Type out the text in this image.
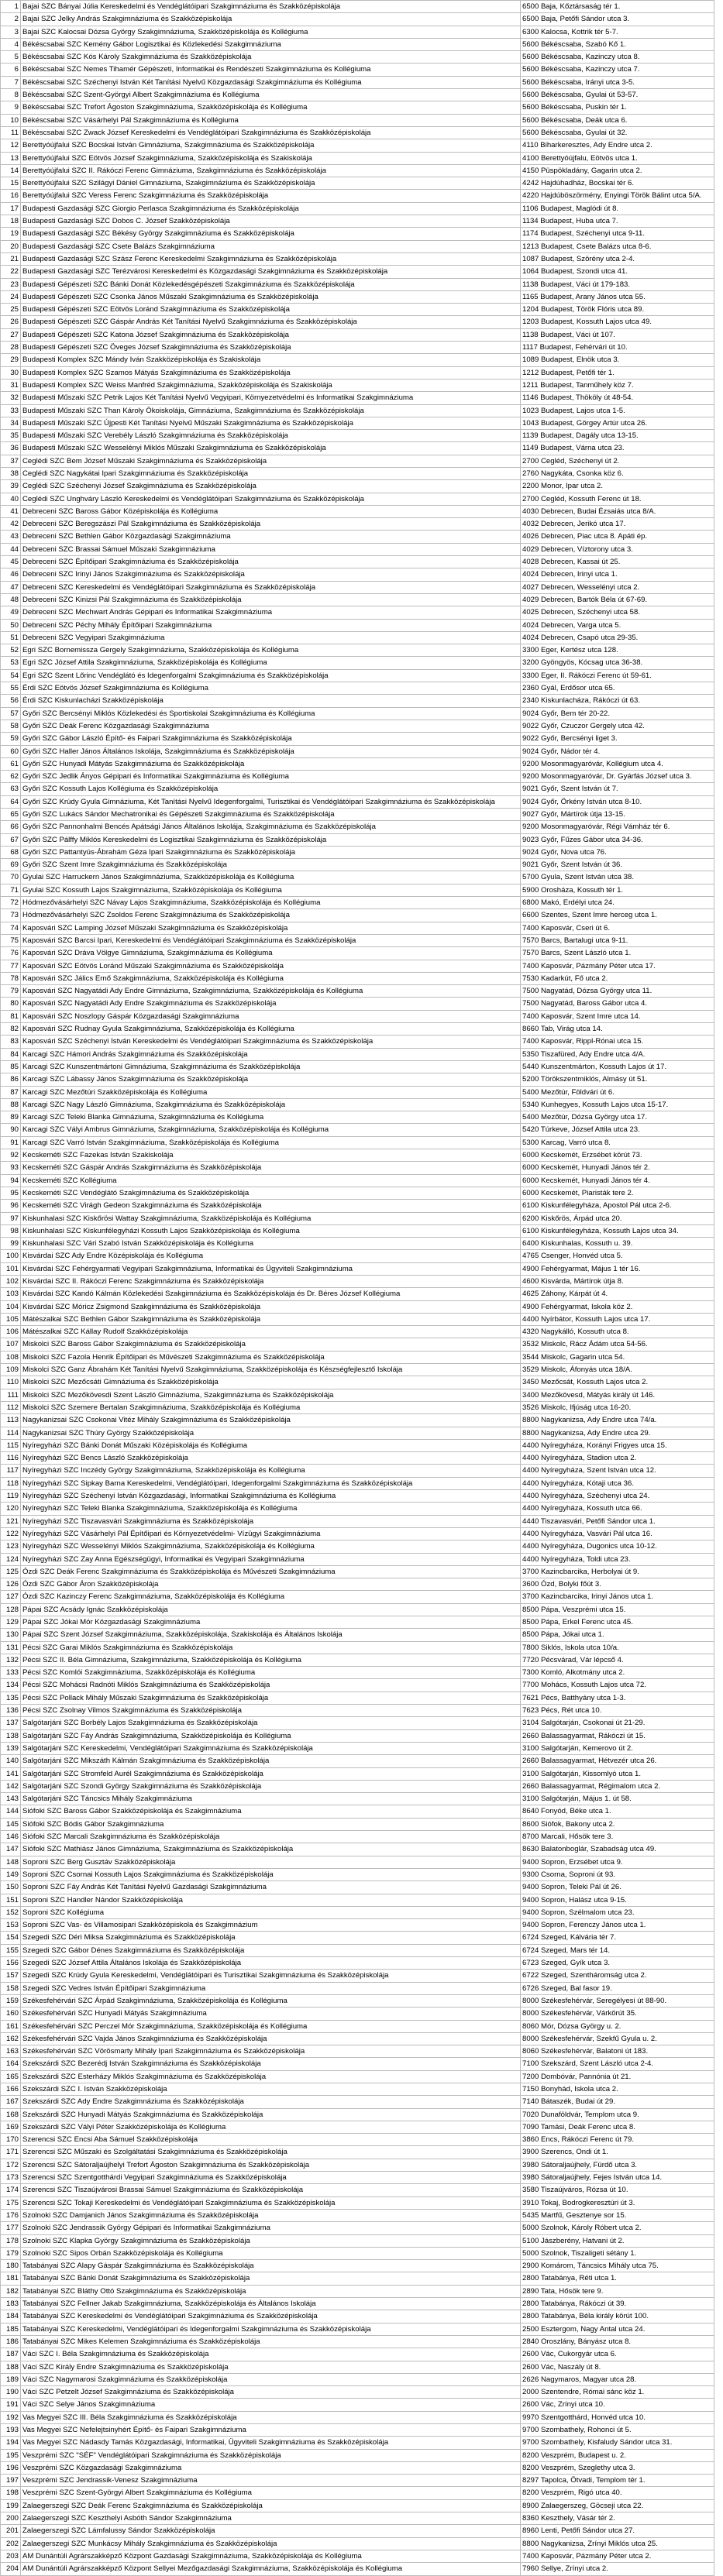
1	Bajai SZC Bányai Júlia Kereskedelmi és Vendéglátóipari Szakgimnáziuma és Szakközépiskolája	6500 Baja, Kőztársaság tér 1.
2	Bajai SZC Jelky András Szakgimnáziuma és Szakközépiskolája	6500 Baja, Petőfi Sándor utca 3.
3	Bajai SZC Kalocsai Dózsa György Szakgimnáziuma, Szakközépiskolája és Kollégiuma	6300 Kalocsa, Kottrik tér 5-7.
4	Békéscsabai SZC Kemény Gábor Logisztikai és Közlekedési Szakgimnáziuma	5600 Békéscsaba, Szabó Kő 1.
5	Békéscsabai SZC Kós Károly Szakgimnáziuma és Szakközépiskolája	5600 Békéscsaba, Kazinczy utca 8.
6	Békéscsabai SZC Nemes Tihamér Gépészeti, Informatikai és Rendészeti Szakgimnáziuma és Kollégiuma	5600 Békéscsaba, Kazinczy utca 7.
7	Békéscsabai SZC Széchenyi István Két Tanítási Nyelvű Közgazdasági Szakgimnáziuma és Kollégiuma	5600 Békéscsaba, Irányi utca 3-5.
8	Békéscsabai SZC Szent-Györgyi Albert Szakgimnáziuma és Kollégiuma	5600 Békéscsaba, Gyulai út 53-57.
9	Békéscsabai SZC Trefort Ágoston Szakgimnáziuma, Szakközépiskolája és Kollégiuma	5600 Békéscsaba, Puskin tér 1.
10	Békéscsabai SZC Vásárhelyi Pál Szakgimnáziuma és Kollégiuma	5600 Békéscsaba, Deák utca 6.
11	Békéscsabai SZC Zwack József Kereskedelmi és Vendéglátóipari Szakgimnáziuma és Szakközépiskolája	5600 Békéscsaba, Gyulai út 32.
12	Berettyóújfalui SZC Bocskai István Gimnáziuma, Szakgimnáziuma és Szakközépiskolája	4110 Biharkeresztes, Ady Endre utca 2.
13	Berettyóújfalui SZC Eötvös József Szakgimnáziuma, Szakközépiskolája és Szakiskolája	4100 Berettyóújfalu, Eötvös utca 1.
14	Berettyóújfalui SZC II. Rákóczi Ferenc Gimnáziuma, Szakgimnáziuma és Szakközépiskolája	4150 Püspökladány, Gagarin utca 2.
15	Berettyóújfalui SZC Szilágyi Dániel Gimnáziuma, Szakgimnáziuma és Szakközépiskolája	4242 Hajdúhadház, Bocskai tér 6.
16	Berettyóújfalui SZC Veress Ferenc Szakgimnáziuma és Szakközépiskolája	4220 Hajdúböszörmény, Enyingi Török Bálint utca 5/A.
17	Budapesti Gazdasági SZC Giorgio Perlasca Szakgimnáziuma és Szakközépiskolája	1106 Budapest, Maglódi út 8.
18	Budapesti Gazdasági SZC Dobos C. József Szakközépiskolája	1134 Budapest, Huba utca 7.
19	Budapesti Gazdasági SZC Békésy György Szakgimnáziuma és Szakközépiskolája	1174 Budapest, Széchenyi utca 9-11.
20	Budapesti Gazdasági SZC Csete Balázs Szakgimnáziuma	1213 Budapest, Csete Balázs utca 8-6.
21	Budapesti Gazdasági SZC Szász Ferenc Kereskedelmi Szakgimnáziuma és Szakközépiskolája	1087 Budapest, Szörény utca 2-4.
22	Budapesti Gazdasági SZC Terézvárosi Kereskedelmi és Közgazdasági Szakgimnáziuma és Szakközépiskolája	1064 Budapest, Szondi utca 41.
23	Budapesti Gépészeti SZC Bánki Donát Közlekedésgépészeti Szakgimnáziuma és Szakközépiskolája	1138 Budapest, Váci út 179-183.
24	Budapesti Gépészeti SZC Csonka János Műszaki Szakgimnáziuma és Szakközépiskolája	1165 Budapest, Arany János utca 55.
25	Budapesti Gépészeti SZC Eötvös Loránd Szakgimnáziuma és Szakközépiskolája	1204 Budapest, Török Flóris utca 89.
26	Budapesti Gépészeti SZC Gáspár András Két Tanítási Nyelvű Szakgimnáziuma és Szakközépiskolája	1203 Budapest, Kossuth Lajos utca 49.
27	Budapesti Gépészeti SZC Katona József Szakgimnáziuma és Szakközépiskolája	1138 Budapest, Váci út 107.
28	Budapesti Gépészeti SZC Öveges József Szakgimnáziuma és Szakközépiskolája	1117 Budapest, Fehérvári út 10.
29	Budapesti Komplex SZC Mándy Iván Szakközépiskolája és Szakiskolája	1089 Budapest, Elnök utca 3.
30	Budapesti Komplex SZC Szamos Mátyás Szakgimnáziuma és Szakközépiskolája	1212 Budapest, Petőfi tér 1.
31	Budapesti Komplex SZC Weiss Manfréd Szakgimnáziuma, Szakközépiskolája és Szakiskolája	1211 Budapest, Tanműhely köz 7.
32	Budapesti Műszaki SZC Petrik Lajos Két Tanítási Nyelvű Vegyipari, Környezetvédelmi és Informatikai Szakgimnáziuma	1146 Budapest, Thököly út 48-54.
33	Budapesti Műszaki SZC Than Károly Ökoiskolája, Gimnáziuma, Szakgimnáziuma és Szakközépiskolája	1023 Budapest, Lajos utca 1-5.
34	Budapesti Műszaki SZC Újpesti Két Tanítási Nyelvű Műszaki Szakgimnáziuma és Szakközépiskolája	1043 Budapest, Görgey Artúr utca 26.
35	Budapesti Műszaki SZC Verebély László Szakgimnáziuma és Szakközépiskolája	1139 Budapest, Dagály utca 13-15.
36	Budapesti Műszaki SZC Wesselényi Miklós Műszaki Szakgimnáziuma és Szakközépiskolája	1149 Budapest, Várna utca 23.
37	Ceglédi SZC Bem József Műszaki Szakgimnáziuma és Szakközépiskolája	2700 Cegléd, Széchenyi út 2.
38	Ceglédi SZC Nagykátai Ipari Szakgimnáziuma és Szakközépiskolája	2760 Nagykáta, Csonka köz 6.
39	Ceglédi SZC Széchenyi József Szakgimnáziuma és Szakközépiskolája	2200 Monor, Ipar utca 2.
40	Ceglédi SZC Unghváry László Kereskedelmi és Vendéglátóipari Szakgimnáziuma és Szakközépiskolája	2700 Cegléd, Kossuth Ferenc út 18.
41	Debreceni SZC Baross Gábor Középiskolája és Kollégiuma	4030 Debrecen, Budai Ézsaiás utca 8/A.
42	Debreceni SZC Beregszászi Pál Szakgimnáziuma és Szakközépiskolája	4032 Debrecen, Jerikó utca 17.
43	Debreceni SZC Bethlen Gábor Közgazdasági Szakgimnáziuma	4026 Debrecen, Piac utca 8. Apáti ép.
44	Debreceni SZC Brassai Sámuel Műszaki Szakgimnáziuma	4029 Debrecen, Víztorony utca 3.
45	Debreceni SZC Építőipari Szakgimnáziuma és Szakközépiskolája	4028 Debrecen, Kassai út 25.
46	Debreceni SZC Irinyi János Szakgimnáziuma és Szakközépiskolája	4024 Debrecen, Irinyi utca 1.
47	Debreceni SZC Kereskedelmi és Vendéglátóipari Szakgimnáziuma és Szakközépiskolája	4027 Debrecen, Wesselényi utca 2.
48	Debreceni SZC Kinizsi Pál Szakgimnáziuma és Szakközépiskolája	4029 Debrecen, Bartók Béla út 67-69.
49	Debreceni SZC Mechwart András Gépipari és Informatikai Szakgimnáziuma	4025 Debrecen, Széchenyi utca 58.
50	Debreceni SZC Péchy Mihály Építőipari Szakgimnáziuma	4024 Debrecen, Varga utca 5.
51	Debreceni SZC Vegyipari Szakgimnáziuma	4024 Debrecen, Csapó utca 29-35.
52	Egri SZC Bornemissza Gergely Szakgimnáziuma, Szakközépiskolája és Kollégiuma	3300 Eger, Kertész utca 128.
53	Egri SZC József Attila Szakgimnáziuma, Szakközépiskolája és Kollégiuma	3200 Gyöngyös, Kócsag utca 36-38.
54	Egri SZC Szent Lőrinc Vendéglátó és Idegenforgalmi Szakgimnáziuma és Szakközépiskolája	3300 Eger, II. Rákóczi Ferenc út 59-61.
55	Érdi SZC Eötvös József Szakgimnáziuma és Kollégiuma	2360 Gyál, Erdősor utca 65.
56	Érdi SZC Kiskunlacházi Szakközépiskolája	2340 Kiskunlacháza, Rákóczi út 63.
57	Győri SZC Bercsényi Miklós Közlekedési és Sportiskolai Szakgimnáziuma és Kollégiuma	9024 Győr, Bem tér 20-22.
58	Győri SZC Deák Ferenc Közgazdasági Szakgimnáziuma	9022 Győr, Czuczor Gergely utca 42.
59	Győri SZC Gábor László Építő- és Faipari Szakgimnáziuma és Szakközépiskolája	9022 Győr, Bercsényi liget 3.
60	Győri SZC Haller János Általános Iskolája, Szakgimnáziuma és Szakközépiskolája	9024 Győr, Nádor tér 4.
61	Győri SZC Hunyadi Mátyás Szakgimnáziuma és Szakközépiskolája	9200 Mosonmagyaróvár, Kollégium utca 4.
62	Győri SZC Jedlik Ányos Gépipari és Informatikai Szakgimnáziuma és Kollégiuma	9200 Mosonmagyaróvár, Dr. Gyárfás József utca 3.
63	Győri SZC Kossuth Lajos Kollégiuma és Szakközépiskolája	9021 Győr, Szent István út 7.
64	Győri SZC Krúdy Gyula Gimnáziuma, Két Tanítási Nyelvű Idegenforgalmi, Turisztikai és Vendéglátóipari Szakgimnáziuma és Szakközépiskolája	9024 Győr, Örkény István utca 8-10.
65	Győri SZC Lukács Sándor Mechatronikai és Gépészeti Szakgimnáziuma és Szakközépiskolája	9027 Győr, Mártírok útja 13-15.
66	Győri SZC Pannonhalmi Bencés Apátsági János Általános Iskolája, Szakgimnáziuma és Szakközépiskolája	9200 Mosonmagyaróvár, Régi Vámház tér 6.
67	Győri SZC Pálffy Miklós Kereskedelmi és Logisztikai Szakgimnáziuma és Szakközépiskolája	9023 Győr, Fűzes Gábor utca 34-36.
68	Győri SZC Pattantyús-Ábrahám Géza Ipari Szakgimnáziuma és Szakközépiskolája	9024 Győr, Nova utca 76.
69	Győri SZC Szent Imre Szakgimnáziuma és Szakközépiskolája	9021 Győr, Szent István út 36.
70	Gyulai SZC Harruckern János Szakgimnáziuma, Szakközépiskolája és Kollégiuma	5700 Gyula, Szent István utca 38.
71	Gyulai SZC Kossuth Lajos Szakgimnáziuma, Szakközépiskolája és Kollégiuma	5900 Orosháza, Kossuth tér 1.
72	Hódmezővásárhelyi SZC Návay Lajos Szakgimnáziuma, Szakközépiskolája és Kollégiuma	6800 Makó, Erdélyi utca 24.
73	Hódmezővásárhelyi SZC Zsoldos Ferenc Szakgimnáziuma és Szakközépiskolája	6600 Szentes, Szent Imre herceg utca 1.
74	Kaposvári SZC Lamping József Műszaki Szakgimnáziuma és Szakközépiskolája	7400 Kaposvár, Cseri út 6.
75	Kaposvári SZC Barcsi Ipari, Kereskedelmi és Vendéglátóipari Szakgimnáziuma és Szakközépiskolája	7570 Barcs, Bartalugi utca 9-11.
76	Kaposvári SZC Dráva Völgye Gimnáziuma, Szakgimnáziuma és Kollégiuma	7570 Barcs, Szent László utca 1.
77	Kaposvári SZC Eötvös Loránd Műszaki Szakgimnáziuma és Szakközépiskolája	7400 Kaposvár, Pázmány Péter utca 17.
78	Kaposvári SZC Jálics Ernő Szakgimnáziuma, Szakközépiskolája és Kollégiuma	7530 Kadarkút, Fő utca 2.
79	Kaposvári SZC Nagyatádi Ady Endre Gimnáziuma, Szakgimnáziuma, Szakközépiskolája és Kollégiuma	7500 Nagyatád, Dózsa György utca 11.
80	Kaposvári SZC Nagyatádi Ady Endre Szakgimnáziuma és Szakközépiskolája	7500 Nagyatád, Baross Gábor utca 4.
81	Kaposvári SZC Noszlopy Gáspár Közgazdasági Szakgimnáziuma	7400 Kaposvár, Szent Imre utca 14.
82	Kaposvári SZC Rudnay Gyula Szakgimnáziuma, Szakközépiskolája és Kollégiuma	8660 Tab, Virág utca 14.
83	Kaposvári SZC Széchenyi István Kereskedelmi és Vendéglátóipari Szakgimnáziuma és Szakközépiskolája	7400 Kaposvár, Rippl-Rónai utca 15.
84	Karcagi SZC Hámori András Szakgimnáziuma és Szakközépiskolája	5350 Tiszafüred, Ady Endre utca 4/A.
85	Karcagi SZC Kunszentmártoni Gimnáziuma, Szakgimnáziuma és Szakközépiskolája	5440 Kunszentmárton, Kossuth Lajos út 17.
86	Karcagi SZC Lábassy János Szakgimnáziuma és Szakközépiskolája	5200 Törökszentmiklós, Almásy út 51.
87	Karcagi SZC Mezőtúri Szakközépiskolája és Kollégiuma	5400 Mezőtúr, Földvári út 6.
88	Karcagi SZC Nagy László Gimnáziuma, Szakgimnáziuma és Szakközépiskolája	5340 Kunhegyes, Kossuth Lajos utca 15-17.
89	Karcagi SZC Teleki Blanka Gimnáziuma, Szakgimnáziuma és Kollégiuma	5400 Mezőtúr, Dózsa György utca 17.
90	Karcagi SZC Vályi Ambrus Gimnáziuma, Szakgimnáziuma, Szakközépiskolája és Kollégiuma	5420 Túrkeve, József Attila utca 23.
91	Karcagi SZC Varró István Szakgimnáziuma, Szakközépiskolája és Kollégiuma	5300 Karcag, Varró utca 8.
92	Kecskeméti SZC Fazekas István Szakiskolája	6000 Kecskemét, Erzsébet körút 73.
93	Kecskeméti SZC Gáspár András Szakgimnáziuma és Szakközépiskolája	6000 Kecskemét, Hunyadi János tér 2.
94	Kecskeméti SZC Kollégiuma	6000 Kecskemét, Hunyadi János tér 4.
95	Kecskeméti SZC Vendéglátó Szakgimnáziuma és Szakközépiskolája	6000 Kecskemét, Piaristák tere 2.
96	Kecskeméti SZC Virágh Gedeon Szakgimnáziuma és Szakközépiskolája	6100 Kiskunfélegyháza, Apostol Pál utca 2-6.
97	Kiskunhalasi SZC Kiskőrösi Wattay Szakgimnáziuma, Szakközépiskolája és Kollégiuma	6200 Kiskőrös, Árpád utca 20.
98	Kiskunhalasi SZC Kiskunfélegyházi Kossuth Lajos Szakközépiskolája és Kollégiuma	6100 Kiskunfélegyháza, Kossuth Lajos utca 34.
99	Kiskunhalasi SZC Vári Szabó István Szakközépiskolája és Kollégiuma	6400 Kiskunhalas, Kossuth u. 39.
100	Kisvárdai SZC Ady Endre Középiskolája és Kollégiuma	4765 Csenger, Honvéd utca 5.
101	Kisvárdai SZC Fehérgyarmati Vegyipari Szakgimnáziuma, Informatikai és Ügyviteli Szakgimnáziuma	4900 Fehérgyarmat, Május 1 tér 16.
102	Kisvárdai SZC II. Rákóczi Ferenc Szakgimnáziuma és Szakközépiskolája	4600 Kisvárda, Mártírok útja 8.
103	Kisvárdai SZC Kandó Kálmán Közlekedési Szakgimnáziuma és Szakközépiskolája és Dr. Béres József Kollégiuma	4625 Záhony, Kárpát út 4.
104	Kisvárdai SZC Móricz Zsigmond Szakgimnáziuma és Szakközépiskolája	4900 Fehérgyarmat, Iskola köz 2.
105	Mátészalkai SZC Bethlen Gábor Szakgimnáziuma és Szakközépiskolája	4400 Nyírbátor, Kossuth Lajos utca 17.
106	Mátészalkai SZC Kállay Rudolf Szakközépiskolája	4320 Nagykálló, Kossuth utca 8.
107	Miskolci SZC Baross Gábor Szakgimnáziuma és Szakközépiskolája	3532 Miskolc, Rácz Ádám utca 54-56.
108	Miskolci SZC Fazola Henrik Építőipari és Művészeti Szakgimnáziuma és Szakközépiskolája	3544 Miskolc, Gagarin utca 54.
109	Miskolci SZC Ganz Ábrahám Két Tanítási Nyelvű Szakgimnáziuma, Szakközépiskolája és Készségfejlesztő Iskolája	3529 Miskolc, Áfonyás utca 18/A.
110	Miskolci SZC Mezőcsáti Gimnáziuma és Szakközépiskolája	3450 Mezőcsát, Kossuth Lajos utca 2.
111	Miskolci SZC Mezőkövesdi Szent László Gimnáziuma, Szakgimnáziuma és Szakközépiskolája	3400 Mezőkövesd, Mátyás király út 146.
112	Miskolci SZC Szemere Bertalan Szakgimnáziuma, Szakközépiskolája és Kollégiuma	3526 Miskolc, Ifjúság utca 16-20.
113	Nagykanizsai SZC Csokonai Vitéz Mihály Szakgimnáziuma és Szakközépiskolája	8800 Nagykanizsa, Ady Endre utca 74/a.
114	Nagykanizsai SZC Thúry György Szakközépiskolája	8800 Nagykanizsa, Ady Endre utca 29.
115	Nyíregyházi SZC Bánki Donát Műszaki Középiskolája és Kollégiuma	4400 Nyíregyháza, Korányi Frigyes utca 15.
116	Nyíregyházi SZC Bencs László Szakközépiskolája	4400 Nyíregyháza, Stadion utca 2.
117	Nyíregyházi SZC Inczédy György Szakgimnáziuma, Szakközépiskolája és Kollégiuma	4400 Nyíregyháza, Szent István utca 12.
118	Nyíregyházi SZC Sipkay Barna Kereskedelmi, Vendéglátóipari, Idegenforgalmi Szakgimnáziuma és Szakközépiskolája	4400 Nyíregyháza, Kótaji utca 36.
119	Nyíregyházi SZC Széchenyi István Közgazdasági, Informatikai Szakgimnáziuma és Kollégiuma	4400 Nyíregyháza, Széchenyi utca 24.
120	Nyíregyházi SZC Teleki Blanka Szakgimnáziuma, Szakközépiskolája és Kollégiuma	4400 Nyíregyháza, Kossuth utca 66.
121	Nyíregyházi SZC Tiszavasvári Szakgimnáziuma és Szakközépiskolája	4440 Tiszavasvári, Petőfi Sándor utca 1.
122	Nyíregyházi SZC Vásárhelyi Pál Építőipari és Környezetvédelmi- Vízügyi Szakgimnáziuma	4400 Nyíregyháza, Vasvári Pál utca 16.
123	Nyíregyházi SZC Wesselényi Miklós Szakgimnáziuma, Szakközépiskolája és Kollégiuma	4400 Nyíregyháza, Dugonics utca 10-12.
124	Nyíregyházi SZC Zay Anna Egészségügyi, Informatikai és Vegyipari Szakgimnáziuma	4400 Nyíregyháza, Toldi utca 23.
125	Ózdi SZC Deák Ferenc Szakgimnáziuma és Szakközépiskolája és Művészeti Szakgimnáziuma	3700 Kazincbarcika, Herbolyai út 9.
126	Ózdi SZC Gábor Áron Szakközépiskolája	3600 Ózd, Bolyki főút 3.
127	Ózdi SZC Kazinczy Ferenc Szakgimnáziuma, Szakközépiskolája és Kollégiuma	3700 Kazincbarcika, Irinyi János utca 1.
128	Pápai SZC Acsády Ignác Szakközépiskolája	8500 Pápa, Veszprémi utca 15.
129	Pápai SZC Jókai Mór Közgazdasági Szakgimnáziuma	8500 Pápa, Erkel Ferenc utca 45.
130	Pápai SZC Szent József Szakgimnáziuma, Szakközépiskolája, Szakiskolája és Általános Iskolája	8500 Pápa, Jókai utca 1.
131	Pécsi SZC Garai Miklós Szakgimnáziuma és Szakközépiskolája	7800 Siklós, Iskola utca 10/a.
132	Pécsi SZC II. Béla Gimnáziuma, Szakgimnáziuma, Szakközépiskolája és Kollégiuma	7720 Pécsvárad, Vár lépcső 4.
133	Pécsi SZC Komlói Szakgimnáziuma, Szakközépiskolája és Kollégiuma	7300 Komló, Alkotmány utca 2.
134	Pécsi SZC Mohácsi Radnóti Miklós Szakgimnáziuma és Szakközépiskolája	7700 Mohács, Kossuth Lajos utca 72.
135	Pécsi SZC Pollack Mihály Műszaki Szakgimnáziuma és Szakközépiskolája	7621 Pécs, Batthyány utca 1-3.
136	Pécsi SZC Zsolnay Vilmos Szakgimnáziuma és Szakközépiskolája	7623 Pécs, Rét utca 10.
137	Salgótarjáni SZC Borbély Lajos Szakgimnáziuma és Szakközépiskolája	3104 Salgótarján, Csokonai út 21-29.
138	Salgótarjáni SZC Fáy András Szakgimnáziuma, Szakközépiskolája és Kollégiuma	2660 Balassagyarmat, Rákóczi út 15.
139	Salgótarjáni SZC Kereskedelmi, Vendéglátóipari Szakgimnáziuma és Szakközépiskolája	3100 Salgótarján, Kemerovo út 2.
140	Salgótarjáni SZC Mikszáth Kálmán Szakgimnáziuma és Szakközépiskolája	2660 Balassagyarmat, Hétvezér utca 26.
141	Salgótarjáni SZC Stromfeld Aurél Szakgimnáziuma és Szakközépiskolája	3100 Salgótarján, Kissomlyó utca 1.
142	Salgótarjáni SZC Szondi György Szakgimnáziuma és Szakközépiskolája	2660 Balassagyarmat, Régimalom utca 2.
143	Salgótarjáni SZC Táncsics Mihály Szakgimnáziuma	3100 Salgótarján, Május 1. út 58.
144	Siófoki SZC Baross Gábor Szakközépiskolája és Szakgimnáziuma	8640 Fonyód, Béke utca 1.
145	Siófoki SZC Bódis Gábor Szakgimnáziuma	8600 Siófok, Bakony utca 2.
146	Siófoki SZC Marcali Szakgimnáziuma és Szakközépiskolája	8700 Marcali, Hősök tere 3.
147	Siófoki SZC Mathiász János Gimnáziuma, Szakgimnáziuma és Szakközépiskolája	8630 Balatonboglár, Szabadság utca 49.
148	Soproni SZC Berg Gusztáv Szakközépiskolája	9400 Sopron, Erzsébet utca 9.
149	Soproni SZC Csornai Kossuth Lajos Szakgimnáziuma és Szakközépiskolája	9300 Csorna, Soproni út 93.
150	Soproni SZC Fáy András Két Tanítási Nyelvű Gazdasági Szakgimnáziuma	9400 Sopron, Teleki Pál út 26.
151	Soproni SZC Handler Nándor Szakközépiskolája	9400 Sopron, Halász utca 9-15.
152	Soproni SZC Kollégiuma	9400 Sopron, Szélmalom utca 23.
153	Soproni SZC Vas- és Villamosipari Szakközépiskola és Szakgimnázium	9400 Sopron, Ferenczy János utca 1.
154	Szegedi SZC Déri Miksa Szakgimnáziuma és Szakközépiskolája	6724 Szeged, Kálvária tér 7.
155	Szegedi SZC Gábor Dénes Szakgimnáziuma és Szakközépiskolája	6724 Szeged, Mars tér 14.
156	Szegedi SZC József Attila Általános Iskolája és Szakközépiskolája	6723 Szeged, Gyík utca 3.
157	Szegedi SZC Krúdy Gyula Kereskedelmi, Vendéglátóipari és Turisztikai Szakgimnáziuma és Szakközépiskolája	6722 Szeged, Szentháromság utca 2.
158	Szegedi SZC Vedres István Építőipari Szakgimnáziuma	6726 Szeged, Bal fasor 19.
159	Székesfehérvári SZC Árpád Szakgimnáziuma, Szakközépiskolája és Kollégiuma	8000 Székesfehérvár, Seregélyesi út 88-90.
160	Székesfehérvári SZC Hunyadi Mátyás Szakgimnáziuma	8000 Székesfehérvár, Várkörút 35.
161	Székesfehérvári SZC Perczel Mór Szakgimnáziuma, Szakközépiskolája és Kollégiuma	8060 Mór, Dózsa György u. 2.
162	Székesfehérvári SZC Vajda János Szakgimnáziuma és Szakközépiskolája	8000 Székesfehérvár, Szekfű Gyula u. 2.
163	Székesfehérvári SZC Vörösmarty Mihály Ipari Szakgimnáziuma és Szakközépiskolája	8060 Székesfehérvár, Balatoni út 183.
164	Szekszárdi SZC Bezerédj István Szakgimnáziuma és Szakközépiskolája	7100 Szekszárd, Szent László utca 2-4.
165	Szekszárdi SZC Esterházy Miklós Szakgimnáziuma és Szakközépiskolája	7200 Dombóvár, Pannónia út 21.
166	Szekszárdi SZC I. István Szakközépiskolája	7150 Bonyhád, Iskola utca 2.
167	Szekszárdi SZC Ady Endre Szakgimnáziuma és Szakközépiskolája	7140 Bátaszék, Budai út 29.
168	Szekszárdi SZC Hunyadi Mátyás Szakgimnáziuma és Szakközépiskolája	7020 Dunaföldvár, Templom utca 9.
169	Szekszárdi SZC Vályi Péter Szakközépiskolája és Kollégiuma	7090 Tamási, Deák Ferenc utca 8.
170	Szerencsi SZC Encsi Aba Sámuel Szakközépiskolája	3860 Encs, Rákóczi Ferenc út 79.
171	Szerencsi SZC Műszaki és Szolgáltatási Szakgimnáziuma és Szakközépiskolája	3900 Szerencs, Ondi út 1.
172	Szerencsi SZC Sátoraljaújhelyi Trefort Ágoston Szakgimnáziuma és Szakközépiskolája	3980 Sátoraljaújhely, Fürdő utca 3.
173	Szerencsi SZC Szentgotthárdi Vegyipari Szakgimnáziuma és Szakközépiskolája	3980 Sátoraljaújhely, Fejes István utca 14.
174	Szerencsi SZC Tiszaújvárosi Brassai Sámuel Szakgimnáziuma és Szakközépiskolája	3580 Tiszaújváros, Rózsa út 10.
175	Szerencsi SZC Tokaji Kereskedelmi és Vendéglátóipari Szakgimnáziuma és Szakközépiskolája	3910 Tokaj, Bodrogkeresztúri út 3.
176	Szolnoki SZC Damjanich János Szakgimnáziuma és Szakközépiskolája	5435 Martfű, Gesztenye sor 15.
177	Szolnoki SZC Jendrassik György Gépipari és Informatikai Szakgimnáziuma	5000 Szolnok, Károly Róbert utca 2.
178	Szolnoki SZC Klapka György Szakgimnáziuma és Szakközépiskolája	5100 Jászberény, Hatvani út 2.
179	Szolnoki SZC Sipos Orbán Szakközépiskolája és Kollégiuma	5000 Szolnok, Tiszaligeti sétány 1.
180	Tatabányai SZC Alapy Gáspár Szakgimnáziuma és Szakközépiskolája	2900 Komárom, Táncsics Mihály utca 75.
181	Tatabányai SZC Bánki Donát Szakgimnáziuma és Szakközépiskolája	2800 Tatabánya, Réti utca 1.
182	Tatabányai SZC Bláthy Ottó Szakgimnáziuma és Szakközépiskolája	2890 Tata, Hősök tere 9.
183	Tatabányai SZC Fellner Jakab Szakgimnáziuma, Szakközépiskolája és Általános Iskolája	2800 Tatabánya, Rákóczi út 39.
184	Tatabányai SZC Kereskedelmi és Vendéglátóipari Szakgimnáziuma és Szakközépiskolája	2800 Tatabánya, Béla király körút 100.
185	Tatabányai SZC Kereskedelmi, Vendéglátóipari és Idegenforgalmi Szakgimnáziuma és Szakközépiskolája	2500 Esztergom, Nagy Antal utca 24.
186	Tatabányai SZC Mikes Kelemen Szakgimnáziuma és Szakközépiskolája	2840 Oroszlány, Bányász utca 8.
187	Váci SZC I. Béla Szakgimnáziuma és Szakközépiskolája	2600 Vác, Cukorgyár utca 6.
188	Váci SZC Király Endre Szakgimnáziuma és Szakközépiskolája	2600 Vác, Naszály út 8.
189	Váci SZC Nagymarosi Szakgimnáziuma és Szakközépiskolája	2626 Nagymaros, Magyar utca 28.
190	Váci SZC Petzelt József Szakgimnáziuma és Szakközépiskolája	2000 Szentendre, Római sánc köz 1.
191	Váci SZC Selye János Szakgimnáziuma	2600 Vác, Zrínyi utca 10.
192	Vas Megyei SZC III. Béla Szakgimnáziuma és Szakközépiskolája	9970 Szentgotthárd, Honvéd utca 10.
193	Vas Megyei SZC Nefelejtsinyhért Építő- és Faipari Szakgimnáziuma	9700 Szombathely, Rohonci út 5.
194	Vas Megyei SZC Nádasdy Tamás Közgazdasági, Informatikai, Ügyviteli Szakgimnáziuma és Szakközépiskolája	9700 Szombathely, Kisfaludy Sándor utca 31.
195	Veszprémi SZC "SÉF" Vendéglátóipari Szakgimnáziuma és Szakközépiskolája	8200 Veszprém, Budapest u. 2.
196	Veszprémi SZC Közgazdasági Szakgimnáziuma	8200 Veszprém, Szeglethy utca 3.
197	Veszprémi SZC Jendrassik-Venesz Szakgimnáziuma	8297 Tapolca, Ötvadi, Templom tér 1.
198	Veszprémi SZC Szent-Györgyi Albert Szakgimnáziuma és Kollégiuma	8200 Veszprém, Rigó utca 40.
199	Zalaegerszegi SZC Deák Ferenc Szakgimnáziuma és Szakközépiskolája	8900 Zalaegerszeg, Göcseji utca 22.
200	Zalaegerszegi SZC Keszthelyi Asbóth Sándor Szakgimnáziuma	8360 Keszthely, Vásár tér 2.
201	Zalaegerszegi SZC Lámfalussy Sándor Szakközépiskolája	8960 Lenti, Petőfi Sándor utca 27.
202	Zalaegerszegi SZC Munkácsy Mihály Szakgimnáziuma és Szakközépiskolája	8800 Nagykanizsa, Zrínyi Miklós utca 25.
203	AM Dunántúli Agrárszakképző Központ Gazdasági Szakgimnáziuma, Szakközépiskolája és Kollégiuma	7400 Kaposvár, Pázmány Péter utca 2.
204	AM Dunántúli Agrárszakképző Központ Sellyei Mezőgazdasági Szakgimnáziuma, Szakközépiskolája és Kollégiuma	7960 Sellye, Zrínyi utca 2.
